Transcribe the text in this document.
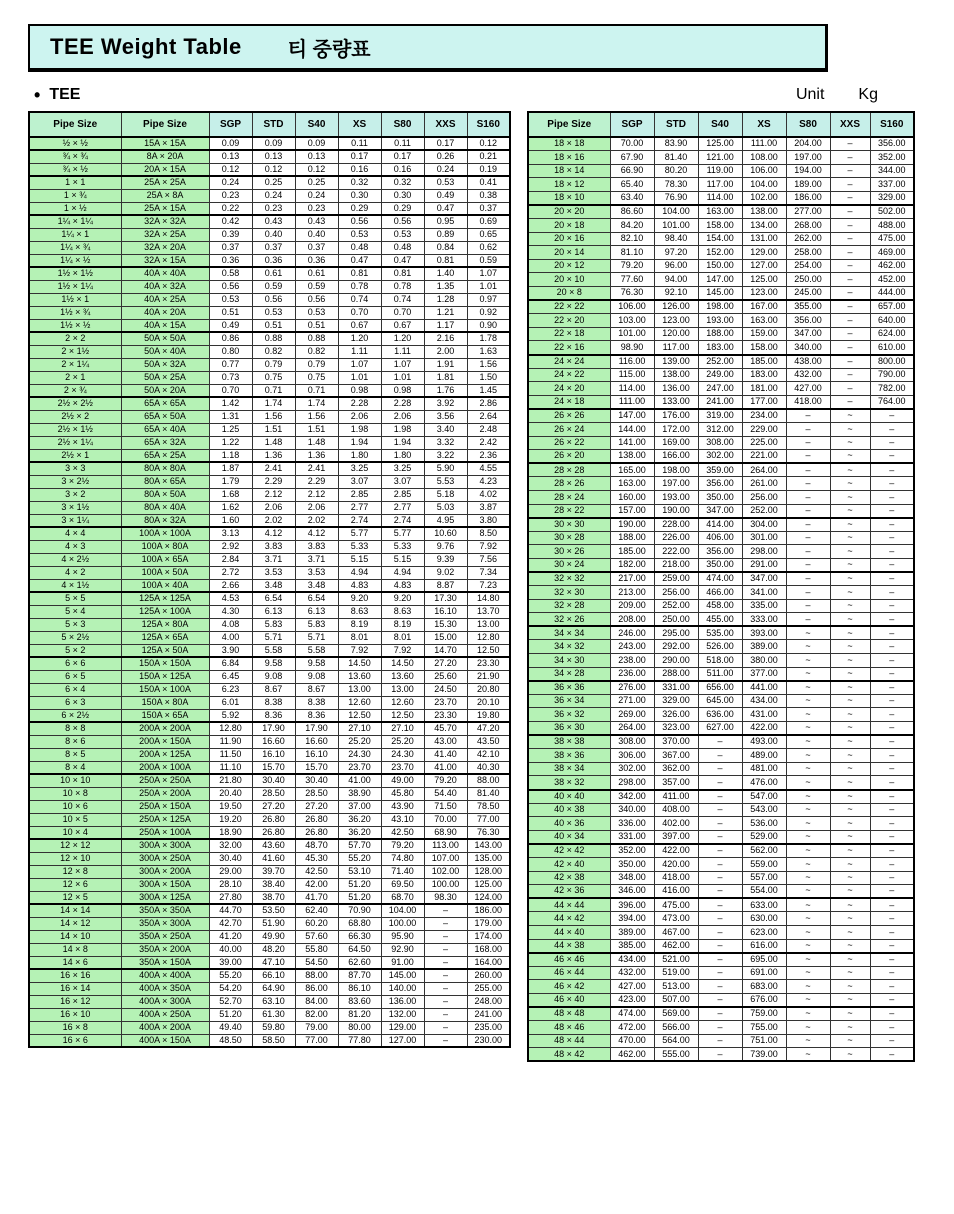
TEE Weight Table 티 중량표
• TEE	Unit Kg
Pipe Size	Pipe Size	SGP	STD	S40	XS	S80	XXS	S160
½ × ½	15A × 15A	0.09	0.09	0.09	0.11	0.11	0.17	0.12
¾ × ¾	8A × 20A	0.13	0.13	0.13	0.17	0.17	0.26	0.21
¾ × ½	20A × 15A	0.12	0.12	0.12	0.16	0.16	0.24	0.19
1 × 1	25A × 25A	0.24	0.25	0.25	0.32	0.32	0.53	0.41
1 × ¾	25A × 8A	0.23	0.24	0.24	0.30	0.30	0.49	0.38
1 × ½	25A × 15A	0.22	0.23	0.23	0.29	0.29	0.47	0.37
1¼ × 1¼	32A × 32A	0.42	0.43	0.43	0.56	0.56	0.95	0.69
1¼ × 1	32A × 25A	0.39	0.40	0.40	0.53	0.53	0.89	0.65
1¼ × ¾	32A × 20A	0.37	0.37	0.37	0.48	0.48	0.84	0.62
1¼ × ½	32A × 15A	0.36	0.36	0.36	0.47	0.47	0.81	0.59
1½ × 1½	40A × 40A	0.58	0.61	0.61	0.81	0.81	1.40	1.07
1½ × 1¼	40A × 32A	0.56	0.59	0.59	0.78	0.78	1.35	1.01
1½ × 1	40A × 25A	0.53	0.56	0.56	0.74	0.74	1.28	0.97
1½ × ¾	40A × 20A	0.51	0.53	0.53	0.70	0.70	1.21	0.92
1½ × ½	40A × 15A	0.49	0.51	0.51	0.67	0.67	1.17	0.90
2 × 2	50A × 50A	0.86	0.88	0.88	1.20	1.20	2.16	1.78
2 × 1½	50A × 40A	0.80	0.82	0.82	1.11	1.11	2.00	1.63
2 × 1¼	50A × 32A	0.77	0.79	0.79	1.07	1.07	1.91	1.56
2 × 1	50A × 25A	0.73	0.75	0.75	1.01	1.01	1.81	1.50
2 × ¾	50A × 20A	0.70	0.71	0.71	0.98	0.98	1.76	1.45
2½ × 2½	65A × 65A	1.42	1.74	1.74	2.28	2.28	3.92	2.86
2½ × 2	65A × 50A	1.31	1.56	1.56	2.06	2.06	3.56	2.64
2½ × 1½	65A × 40A	1.25	1.51	1.51	1.98	1.98	3.40	2.48
2½ × 1¼	65A × 32A	1.22	1.48	1.48	1.94	1.94	3.32	2.42
2½ × 1	65A × 25A	1.18	1.36	1.36	1.80	1.80	3.22	2.36
3 × 3	80A × 80A	1.87	2.41	2.41	3.25	3.25	5.90	4.55
3 × 2½	80A × 65A	1.79	2.29	2.29	3.07	3.07	5.53	4.23
3 × 2	80A × 50A	1.68	2.12	2.12	2.85	2.85	5.18	4.02
3 × 1½	80A × 40A	1.62	2.06	2.06	2.77	2.77	5.03	3.87
3 × 1¼	80A × 32A	1.60	2.02	2.02	2.74	2.74	4.95	3.80
4 × 4	100A × 100A	3.13	4.12	4.12	5.77	5.77	10.60	8.50
4 × 3	100A × 80A	2.92	3.83	3.83	5.33	5.33	9.76	7.92
4 × 2½	100A × 65A	2.84	3.71	3.71	5.15	5.15	9.39	7.56
4 × 2	100A × 50A	2.72	3.53	3.53	4.94	4.94	9.02	7.34
4 × 1½	100A × 40A	2.66	3.48	3.48	4.83	4.83	8.87	7.23
5 × 5	125A × 125A	4.53	6.54	6.54	9.20	9.20	17.30	14.80
5 × 4	125A × 100A	4.30	6.13	6.13	8.63	8.63	16.10	13.70
5 × 3	125A × 80A	4.08	5.83	5.83	8.19	8.19	15.30	13.00
5 × 2½	125A × 65A	4.00	5.71	5.71	8.01	8.01	15.00	12.80
5 × 2	125A × 50A	3.90	5.58	5.58	7.92	7.92	14.70	12.50
6 × 6	150A × 150A	6.84	9.58	9.58	14.50	14.50	27.20	23.30
6 × 5	150A × 125A	6.45	9.08	9.08	13.60	13.60	25.60	21.90
6 × 4	150A × 100A	6.23	8.67	8.67	13.00	13.00	24.50	20.80
6 × 3	150A × 80A	6.01	8.38	8.38	12.60	12.60	23.70	20.10
6 × 2½	150A × 65A	5.92	8.36	8.36	12.50	12.50	23.30	19.80
8 × 8	200A × 200A	12.80	17.90	17.90	27.10	27.10	45.70	47.20
8 × 6	200A × 150A	11.90	16.60	16.60	25.20	25.20	43.00	43.50
8 × 5	200A × 125A	11.50	16.10	16.10	24.30	24.30	41.40	42.10
8 × 4	200A × 100A	11.10	15.70	15.70	23.70	23.70	41.00	40.30
10 × 10	250A × 250A	21.80	30.40	30.40	41.00	49.00	79.20	88.00
10 × 8	250A × 200A	20.40	28.50	28.50	38.90	45.80	54.40	81.40
10 × 6	250A × 150A	19.50	27.20	27.20	37.00	43.90	71.50	78.50
10 × 5	250A × 125A	19.20	26.80	26.80	36.20	43.10	70.00	77.00
10 × 4	250A × 100A	18.90	26.80	26.80	36.20	42.50	68.90	76.30
12 × 12	300A × 300A	32.00	43.60	48.70	57.70	79.20	113.00	143.00
12 × 10	300A × 250A	30.40	41.60	45.30	55.20	74.80	107.00	135.00
12 × 8	300A × 200A	29.00	39.70	42.50	53.10	71.40	102.00	128.00
12 × 6	300A × 150A	28.10	38.40	42.00	51.20	69.50	100.00	125.00
12 × 5	300A × 125A	27.80	38.70	41.70	51.20	68.70	98.30	124.00
14 × 14	350A × 350A	44.70	53.50	62.40	70.90	104.00	–	186.00
14 × 12	350A × 300A	42.70	51.90	60.20	68.80	100.00	–	179.00
14 × 10	350A × 250A	41.20	49.90	57.60	66.30	95.90	–	174.00
14 × 8	350A × 200A	40.00	48.20	55.80	64.50	92.90	–	168.00
14 × 6	350A × 150A	39.00	47.10	54.50	62.60	91.00	–	164.00
16 × 16	400A × 400A	55.20	66.10	88.00	87.70	145.00	–	260.00
16 × 14	400A × 350A	54.20	64.90	86.00	86.10	140.00	–	255.00
16 × 12	400A × 300A	52.70	63.10	84.00	83.60	136.00	–	248.00
16 × 10	400A × 250A	51.20	61.30	82.00	81.20	132.00	–	241.00
16 × 8	400A × 200A	49.40	59.80	79.00	80.00	129.00	–	235.00
16 × 6	400A × 150A	48.50	58.50	77.00	77.80	127.00	–	230.00
Pipe Size	SGP	STD	S40	XS	S80	XXS	S160
18 × 18	70.00	83.90	125.00	111.00	204.00	–	356.00
18 × 16	67.90	81.40	121.00	108.00	197.00	–	352.00
18 × 14	66.90	80.20	119.00	106.00	194.00	–	344.00
18 × 12	65.40	78.30	117.00	104.00	189.00	–	337.00
18 × 10	63.40	76.90	114.00	102.00	186.00	–	329.00
20 × 20	86.60	104.00	163.00	138.00	277.00	–	502.00
20 × 18	84.20	101.00	158.00	134.00	268.00	–	488.00
20 × 16	82.10	98.40	154.00	131.00	262.00	–	475.00
20 × 14	81.10	97.20	152.00	129.00	258.00	–	469.00
20 × 12	79.20	96.00	150.00	127.00	254.00	–	462.00
20 × 10	77.60	94.00	147.00	125.00	250.00	–	452.00
20 × 8	76.30	92.10	145.00	123.00	245.00	–	444.00
22 × 22	106.00	126.00	198.00	167.00	355.00	–	657.00
22 × 20	103.00	123.00	193.00	163.00	356.00	–	640.00
22 × 18	101.00	120.00	188.00	159.00	347.00	–	624.00
22 × 16	98.90	117.00	183.00	158.00	340.00	–	610.00
24 × 24	116.00	139.00	252.00	185.00	438.00	–	800.00
24 × 22	115.00	138.00	249.00	183.00	432.00	–	790.00
24 × 20	114.00	136.00	247.00	181.00	427.00	–	782.00
24 × 18	111.00	133.00	241.00	177.00	418.00	–	764.00
26 × 26	147.00	176.00	319.00	234.00	–	~	–
26 × 24	144.00	172.00	312.00	229.00	–	~	–
26 × 22	141.00	169.00	308.00	225.00	–	~	–
26 × 20	138.00	166.00	302.00	221.00	–	~	–
28 × 28	165.00	198.00	359.00	264.00	–	~	–
28 × 26	163.00	197.00	356.00	261.00	–	~	–
28 × 24	160.00	193.00	350.00	256.00	–	~	–
28 × 22	157.00	190.00	347.00	252.00	–	~	–
30 × 30	190.00	228.00	414.00	304.00	–	~	–
30 × 28	188.00	226.00	406.00	301.00	–	~	–
30 × 26	185.00	222.00	356.00	298.00	–	~	–
30 × 24	182.00	218.00	350.00	291.00	–	~	–
32 × 32	217.00	259.00	474.00	347.00	–	~	–
32 × 30	213.00	256.00	466.00	341.00	–	~	–
32 × 28	209.00	252.00	458.00	335.00	–	~	–
32 × 26	208.00	250.00	455.00	333.00	–	~	–
34 × 34	246.00	295.00	535.00	393.00	~	~	–
34 × 32	243.00	292.00	526.00	389.00	~	~	–
34 × 30	238.00	290.00	518.00	380.00	~	~	–
34 × 28	236.00	288.00	511.00	377.00	~	~	–
36 × 36	276.00	331.00	656.00	441.00	~	~	–
36 × 34	271.00	329.00	645.00	434.00	~	~	–
36 × 32	269.00	326.00	636.00	431.00	~	~	–
36 × 30	264.00	323.00	627.00	422.00	~	~	–
38 × 38	308.00	370.00	–	493.00	~	~	–
38 × 36	306.00	367.00	–	489.00	~	~	–
38 × 34	302.00	362.00	–	481.00	~	~	–
38 × 32	298.00	357.00	–	476.00	~	~	–
40 × 40	342.00	411.00	–	547.00	~	~	–
40 × 38	340.00	408.00	–	543.00	~	~	–
40 × 36	336.00	402.00	–	536.00	~	~	–
40 × 34	331.00	397.00	–	529.00	~	~	–
42 × 42	352.00	422.00	–	562.00	~	~	–
42 × 40	350.00	420.00	–	559.00	~	~	–
42 × 38	348.00	418.00	–	557.00	~	~	–
42 × 36	346.00	416.00	–	554.00	~	~	–
44 × 44	396.00	475.00	–	633.00	~	~	–
44 × 42	394.00	473.00	–	630.00	~	~	–
44 × 40	389.00	467.00	–	623.00	~	~	–
44 × 38	385.00	462.00	–	616.00	~	~	–
46 × 46	434.00	521.00	–	695.00	~	~	–
46 × 44	432.00	519.00	–	691.00	~	~	–
46 × 42	427.00	513.00	–	683.00	~	~	–
46 × 40	423.00	507.00	–	676.00	~	~	–
48 × 48	474.00	569.00	–	759.00	~	~	–
48 × 46	472.00	566.00	–	755.00	~	~	–
48 × 44	470.00	564.00	–	751.00	~	~	–
48 × 42	462.00	555.00	–	739.00	~	~	–
